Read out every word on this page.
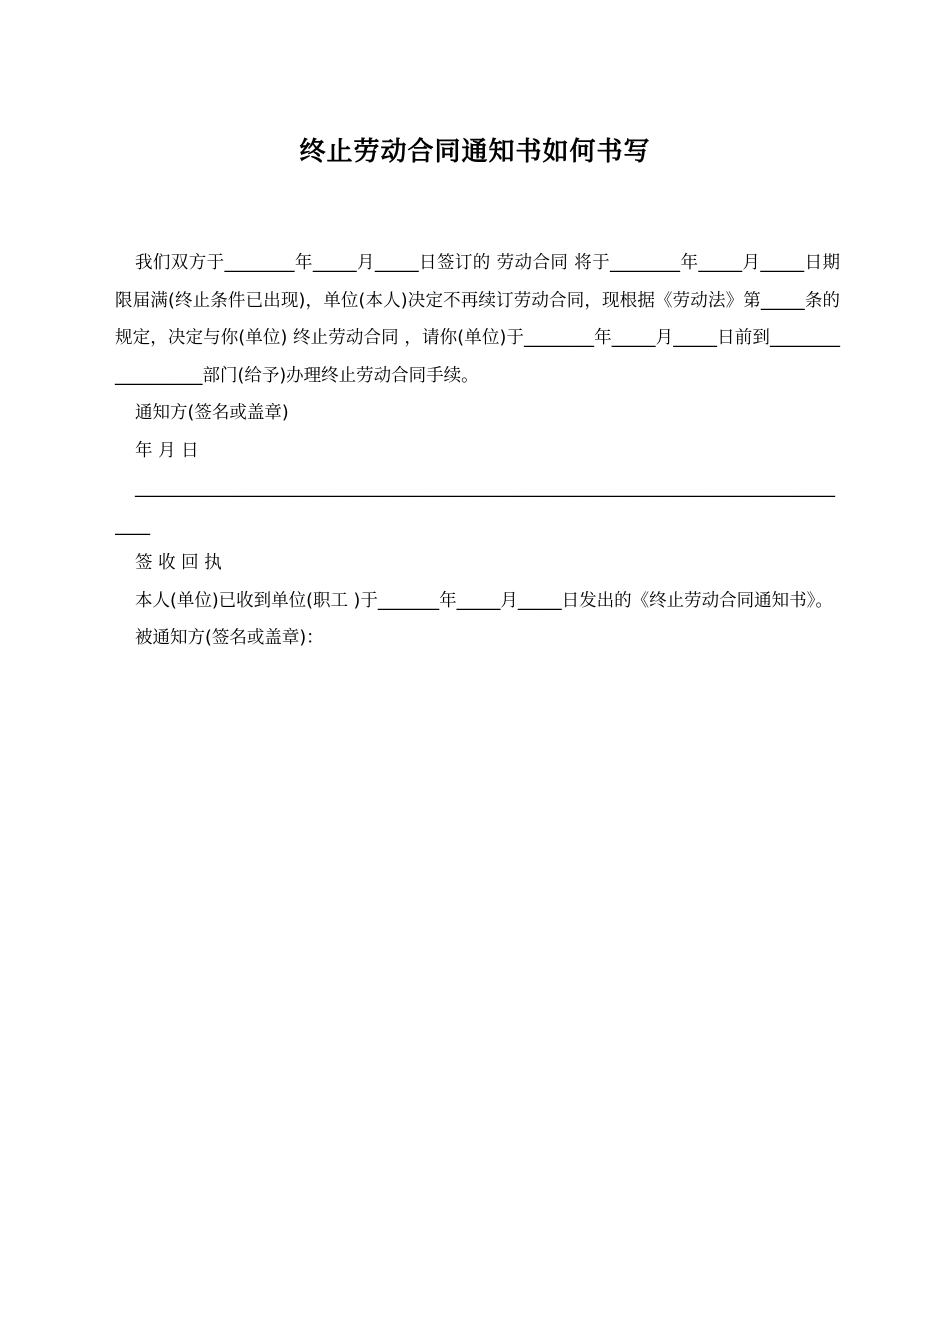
终止劳动合同通知书如何书写

我们双方于________年_____月_____日签订的 劳动合同 将于________年_____月_____日期限届满(终止条件已出现)，单位(本人)决定不再续订劳动合同，现根据《劳动法》第_____条的规定，决定与你(单位) 终止劳动合同 ，请你(单位)于________年_____月_____日前到__________________部门(给予)办理终止劳动合同手续。

通知方(签名或盖章)

年 月 日

____________________________________________________________________________________

签 收 回 执

本人(单位)已收到单位(职工 )于_______年_____月_____日发出的《终止劳动合同通知书》。

被通知方(签名或盖章)：
